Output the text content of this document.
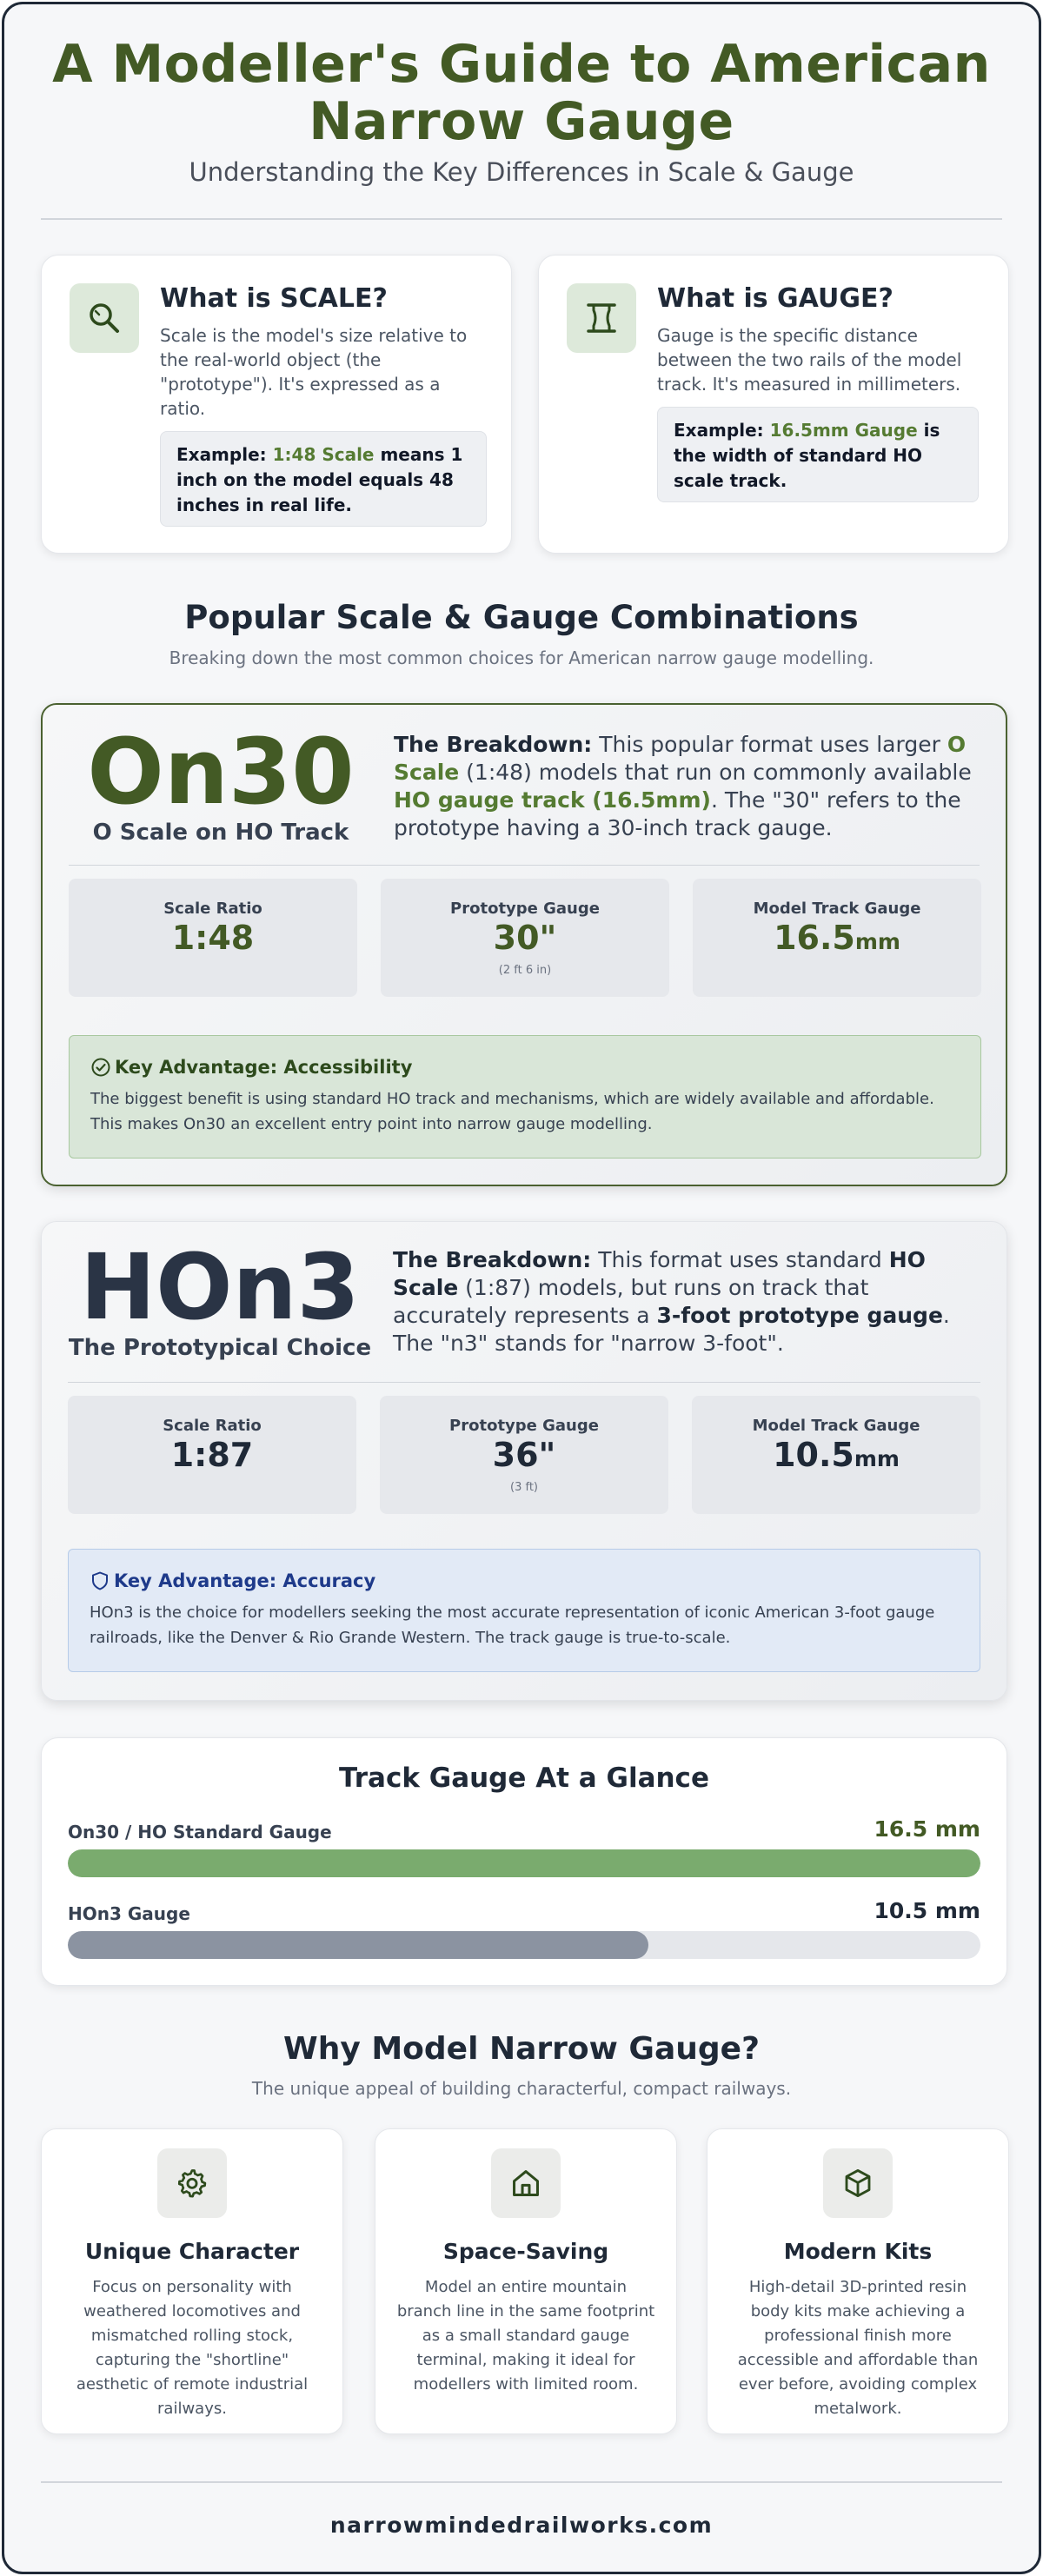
A Modeller's Guide to American
Narrow Gauge
Understanding the Key Differences in Scale & Gauge
What is SCALE?
Scale is the model's size relative to the real-world object (the "prototype"). It's expressed as a ratio.
Example: 1:48 Scale means 1 inch on the model equals 48 inches in real life.
What is GAUGE?
Gauge is the specific distance between the two rails of the model track. It's measured in millimeters.
Example: 16.5mm Gauge is the width of standard HO scale track.
Popular Scale & Gauge Combinations
Breaking down the most common choices for American narrow gauge modelling.
On30
O Scale on HO Track
The Breakdown: This popular format uses larger O Scale (1:48) models that run on commonly available HO gauge track (16.5mm). The "30" refers to the prototype having a 30-inch track gauge.
Scale Ratio
1:48
Prototype Gauge
30"
(2 ft 6 in)
Model Track Gauge
16.5mm
Key Advantage: Accessibility
The biggest benefit is using standard HO track and mechanisms, which are widely available and affordable. This makes On30 an excellent entry point into narrow gauge modelling.
HOn3
The Prototypical Choice
The Breakdown: This format uses standard HO Scale (1:87) models, but runs on track that accurately represents a 3-foot prototype gauge. The "n3" stands for "narrow 3-foot".
Scale Ratio
1:87
Prototype Gauge
36"
(3 ft)
Model Track Gauge
10.5mm
Key Advantage: Accuracy
HOn3 is the choice for modellers seeking the most accurate representation of iconic American 3-foot gauge railroads, like the Denver & Rio Grande Western. The track gauge is true-to-scale.
Track Gauge At a Glance
On30 / HO Standard Gauge	16.5 mm
HOn3 Gauge	10.5 mm
Why Model Narrow Gauge?
The unique appeal of building characterful, compact railways.
Unique Character
Focus on personality with weathered locomotives and mismatched rolling stock, capturing the "shortline" aesthetic of remote industrial railways.
Space-Saving
Model an entire mountain branch line in the same footprint as a small standard gauge terminal, making it ideal for modellers with limited room.
Modern Kits
High-detail 3D-printed resin body kits make achieving a professional finish more accessible and affordable than ever before, avoiding complex metalwork.
narrowmindedrailworks.com
